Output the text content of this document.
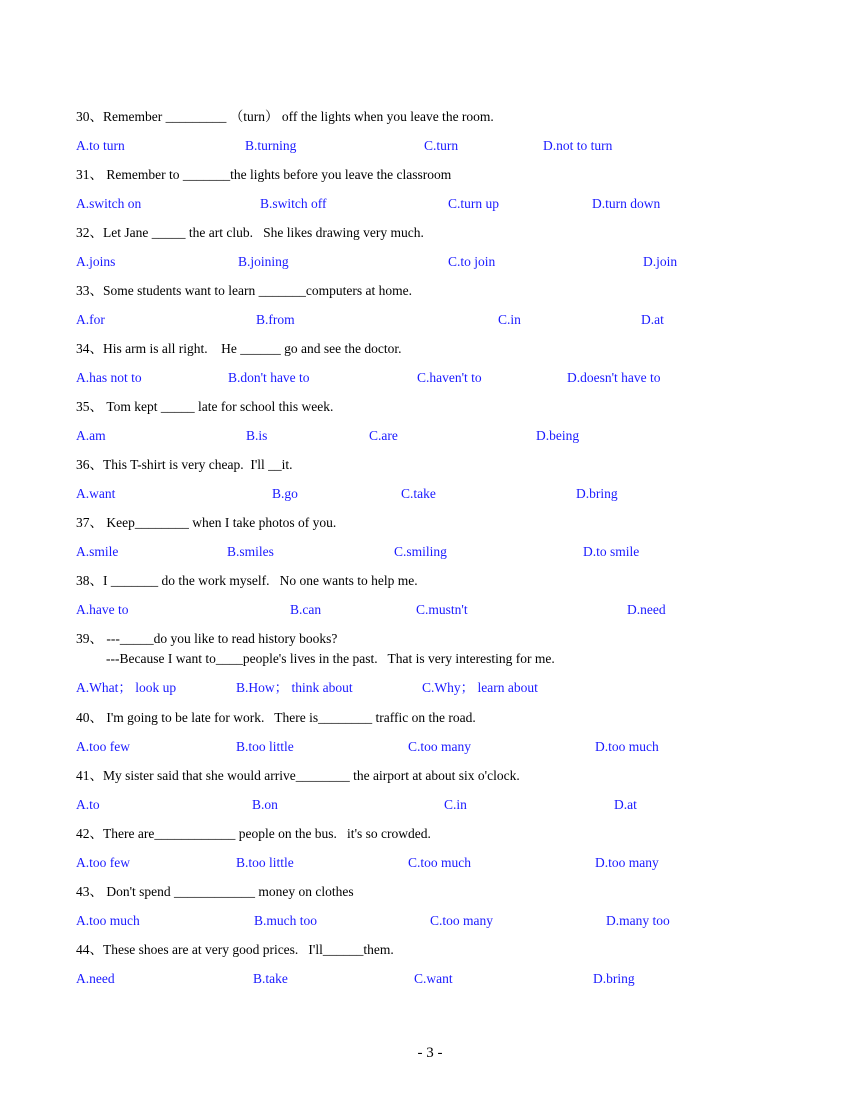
30、Remember _________ （turn） off the lights when you leave the room.
A.to turn	B.turning	C.turn	D.not to turn
31、 Remember to _______the lights before you leave the classroom
A.switch on	B.switch off	C.turn up	D.turn down
32、Let Jane _____ the art club.   She likes drawing very much.
A.joins	B.joining	C.to join	D.join
33、Some students want to learn _______computers at home.
A.for	B.from	C.in	D.at
34、His arm is all right.    He ______ go and see the doctor.
A.has not to	B.don't have to	C.haven't to	D.doesn't have to
35、 Tom kept _____ late for school this week.
A.am	B.is	C.are	D.being
36、This T-shirt is very cheap.  I'll __it.
A.want	B.go	C.take	D.bring
37、 Keep________ when I take photos of you.
A.smile	B.smiles	C.smiling	D.to smile
38、I _______ do the work myself.   No one wants to help me.
A.have to	B.can	C.mustn't	D.need
39、 ---_____do you like to read history books?
---Because I want to____people's lives in the past.   That is very interesting for me.
A.What； look up	B.How； think about	C.Why； learn about
40、 I'm going to be late for work.   There is________ traffic on the road.
A.too few	B.too little	C.too many	D.too much
41、My sister said that she would arrive________ the airport at about six o'clock.
A.to	B.on	C.in	D.at
42、There are____________ people on the bus.   it's so crowded.
A.too few	B.too little	C.too much	D.too many
43、 Don't spend ____________ money on clothes
A.too much	B.much too	C.too many	D.many too
44、These shoes are at very good prices.   I'll______them.
A.need	B.take	C.want	D.bring
- 3 -
